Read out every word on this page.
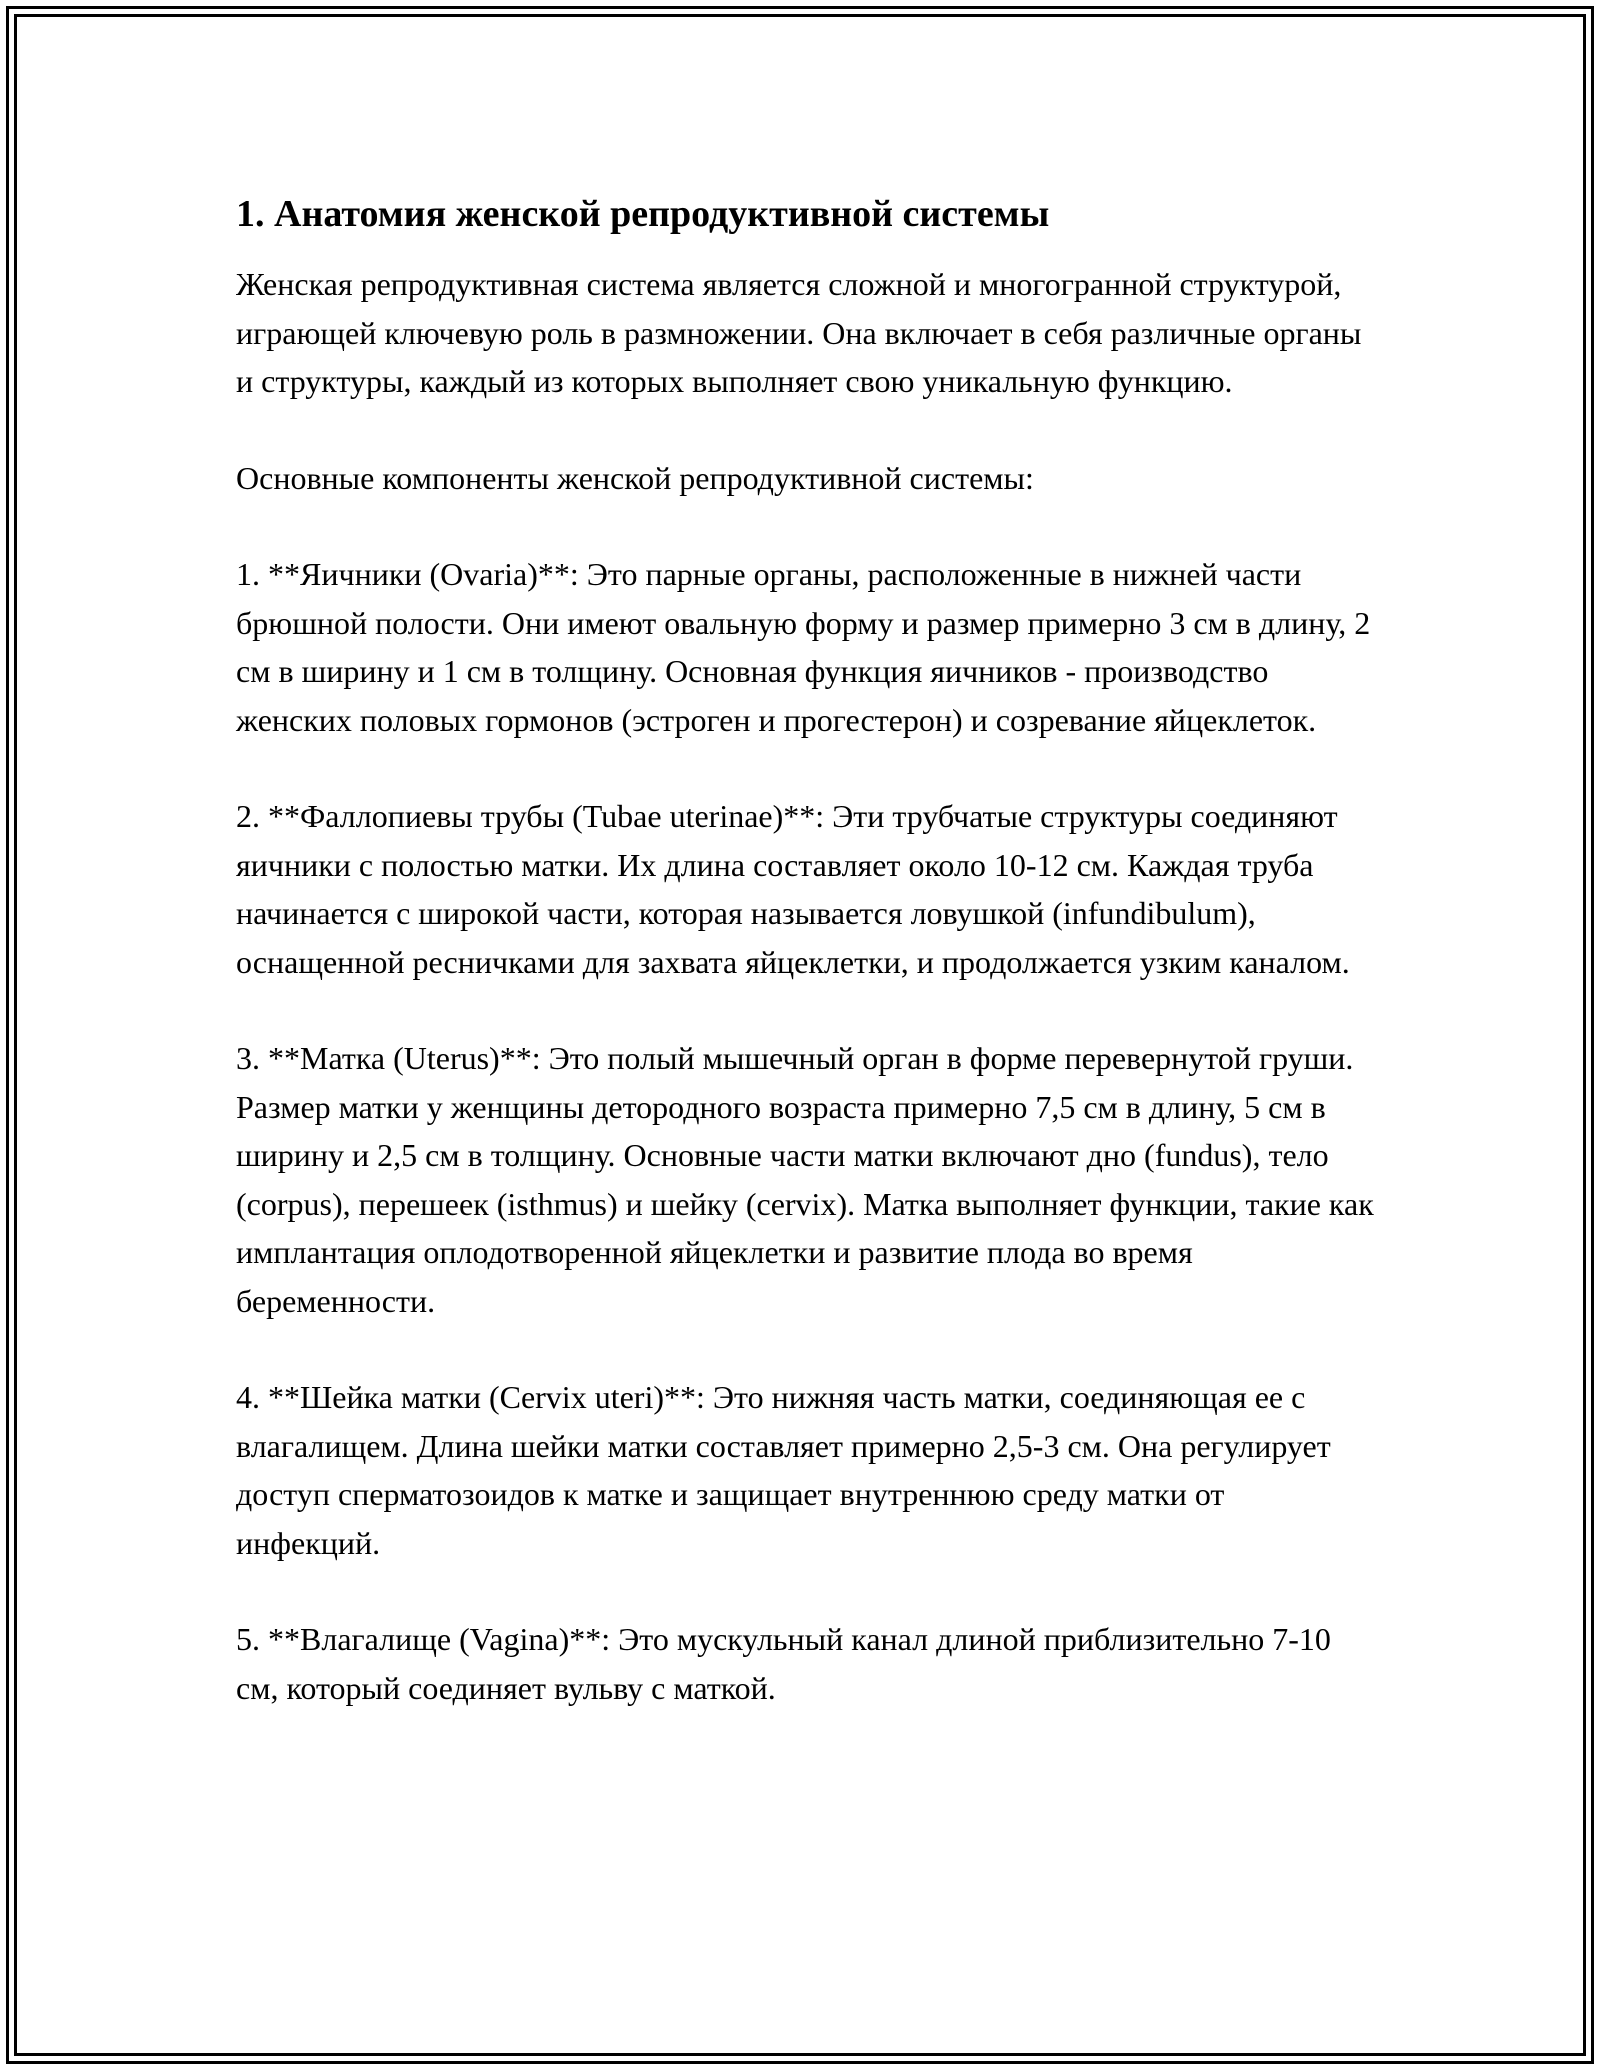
1. Анатомия женской репродуктивной системы

Женская репродуктивная система является сложной и многогранной структурой, играющей ключевую роль в размножении. Она включает в себя различные органы и структуры, каждый из которых выполняет свою уникальную функцию.

Основные компоненты женской репродуктивной системы:

1. **Яичники (Ovaria)**: Это парные органы, расположенные в нижней части брюшной полости. Они имеют овальную форму и размер примерно 3 см в длину, 2 см в ширину и 1 см в толщину. Основная функция яичников - производство женских половых гормонов (эстроген и прогестерон) и созревание яйцеклеток.

2. **Фаллопиевы трубы (Tubae uterinae)**: Эти трубчатые структуры соединяют яичники с полостью матки. Их длина составляет около 10-12 см. Каждая труба начинается с широкой части, которая называется ловушкой (infundibulum), оснащенной ресничками для захвата яйцеклетки, и продолжается узким каналом.

3. **Матка (Uterus)**: Это полый мышечный орган в форме перевернутой груши. Размер матки у женщины детородного возраста примерно 7,5 см в длину, 5 см в ширину и 2,5 см в толщину. Основные части матки включают дно (fundus), тело (corpus), перешеек (isthmus) и шейку (cervix). Матка выполняет функции, такие как имплантация оплодотворенной яйцеклетки и развитие плода во время беременности.

4. **Шейка матки (Cervix uteri)**: Это нижняя часть матки, соединяющая ее с влагалищем. Длина шейки матки составляет примерно 2,5-3 см. Она регулирует доступ сперматозоидов к матке и защищает внутреннюю среду матки от инфекций.

5. **Влагалище (Vagina)**: Это мускульный канал длиной приблизительно 7-10 см, который соединяет вульву с маткой.
